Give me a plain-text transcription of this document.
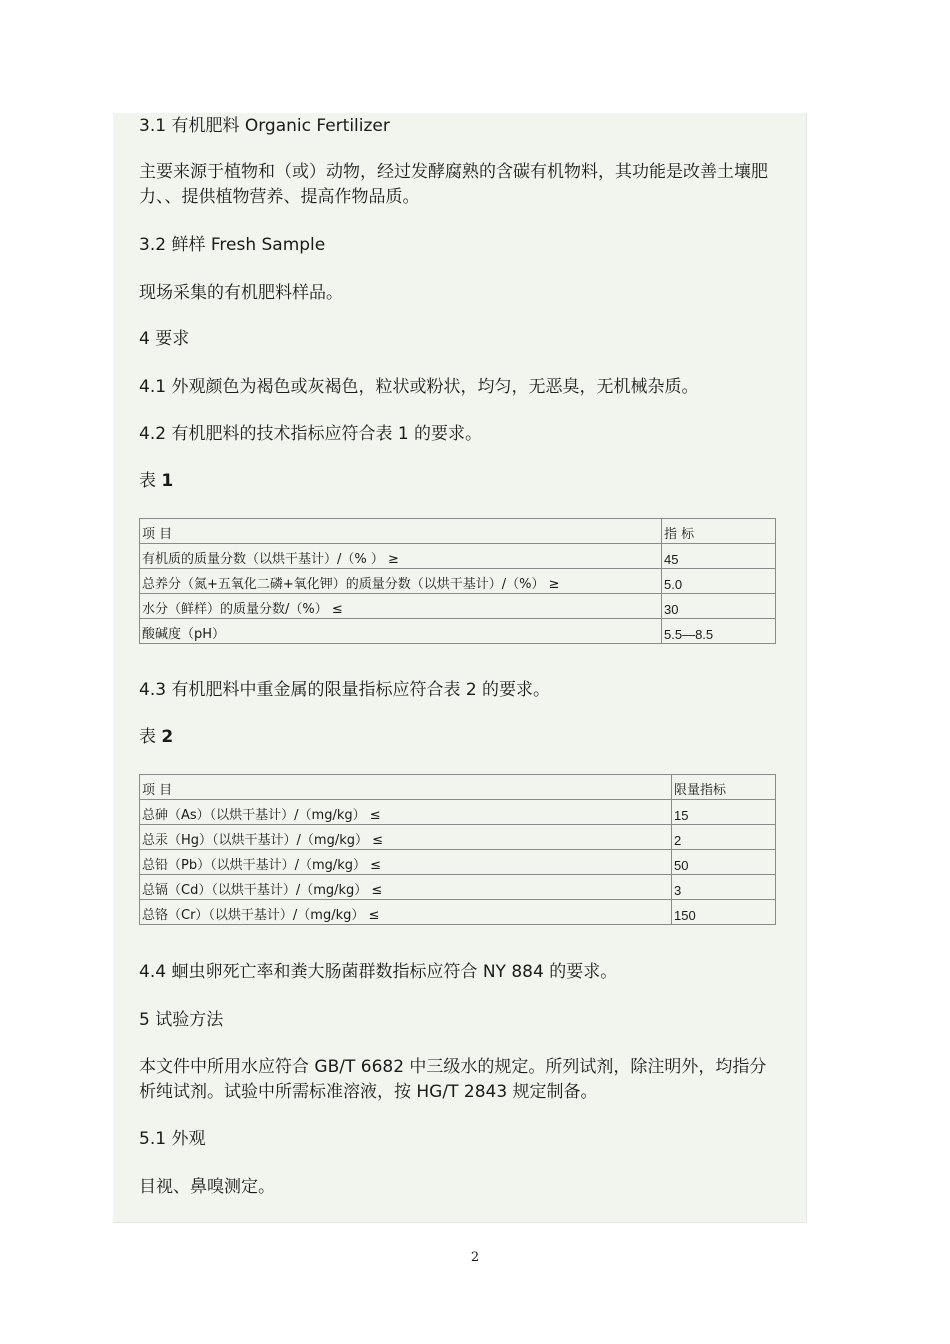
3.1 有机肥料 Organic Fertilizer
主要来源于植物和（或）动物，经过发酵腐熟的含碳有机物料，其功能是改善土壤肥力、、提供植物营养、提高作物品质。
3.2 鲜样 Fresh Sample
现场采集的有机肥料样品。
4 要求
4.1 外观颜色为褐色或灰褐色，粒状或粉状，均匀，无恶臭，无机械杂质。
4.2 有机肥料的技术指标应符合表 1 的要求。
表 1
项 目	指 标
有机质的质量分数（以烘干基计）/（% ） ≥	45
总养分（氮+五氧化二磷+氧化钾）的质量分数（以烘干基计）/（%） ≥	5.0
水分（鲜样）的质量分数/（%） ≤	30
酸碱度（pH）	5.5—8.5
4.3 有机肥料中重金属的限量指标应符合表 2 的要求。
表 2
项 目	限量指标
总砷（As）（以烘干基计）/（mg/kg） ≤	15
总汞（Hg）（以烘干基计）/（mg/kg） ≤	2
总铅（Pb）（以烘干基计）/（mg/kg） ≤	50
总镉（Cd）（以烘干基计）/（mg/kg） ≤	3
总铬（Cr）（以烘干基计）/（mg/kg） ≤	150
4.4 蛔虫卵死亡率和粪大肠菌群数指标应符合 NY 884 的要求。
5 试验方法
本文件中所用水应符合 GB/T 6682 中三级水的规定。所列试剂，除注明外，均指分析纯试剂。试验中所需标准溶液，按 HG/T 2843 规定制备。
5.1 外观
目视、鼻嗅测定。
2
